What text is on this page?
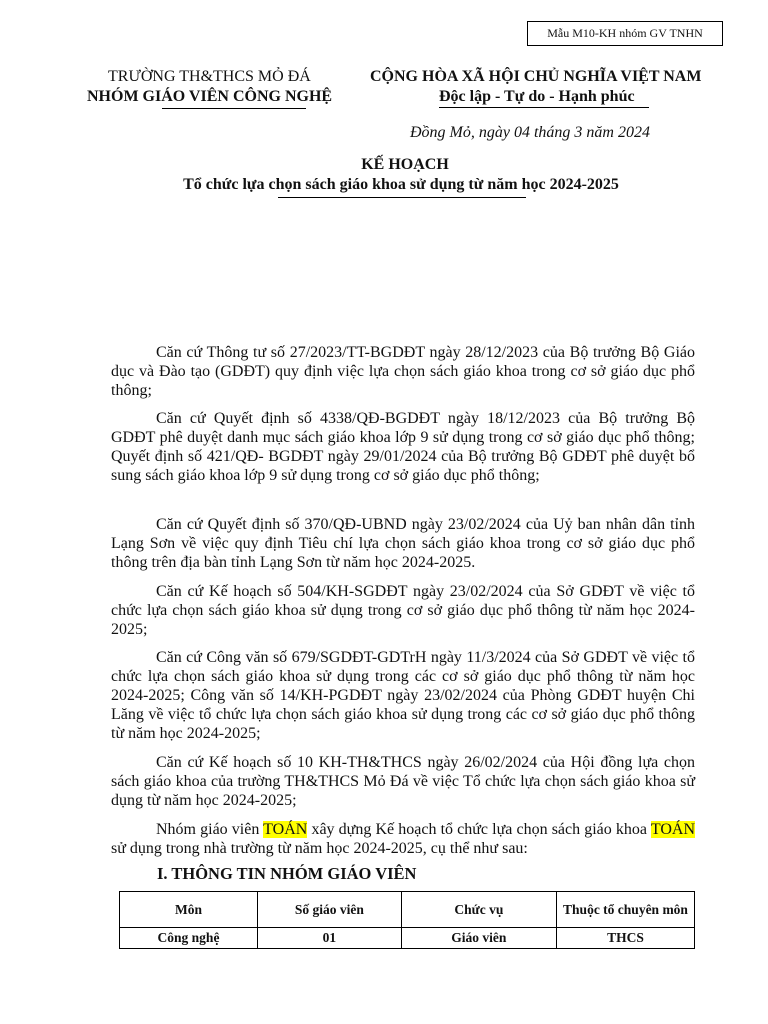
Mẫu M10-KH nhóm GV TNHN
TRƯỜNG TH&THCS MỎ ĐÁ
NHÓM GIÁO VIÊN CÔNG NGHỆ
CỘNG HÒA XÃ HỘI CHỦ NGHĨA VIỆT NAM
Độc lập - Tự do - Hạnh phúc
Đồng Mỏ, ngày 04 tháng 3 năm 2024
KẾ HOẠCH
Tổ chức lựa chọn sách giáo khoa sử dụng từ năm học 2024-2025
Căn cứ Thông tư số 27/2023/TT-BGDĐT ngày 28/12/2023 của Bộ trưởng Bộ Giáo dục và Đào tạo (GDĐT) quy định việc lựa chọn sách giáo khoa trong cơ sở giáo dục phổ thông;
Căn cứ Quyết định số 4338/QĐ-BGDĐT ngày 18/12/2023 của Bộ trưởng Bộ GDĐT phê duyệt danh mục sách giáo khoa lớp 9 sử dụng trong cơ sở giáo dục phổ thông; Quyết định số 421/QĐ- BGDĐT ngày 29/01/2024 của Bộ trưởng Bộ GDĐT phê duyệt bổ sung sách giáo khoa lớp 9 sử dụng trong cơ sở giáo dục phổ thông;
Căn cứ Quyết định số 370/QĐ-UBND ngày 23/02/2024 của Uỷ ban nhân dân tỉnh Lạng Sơn về việc quy định Tiêu chí lựa chọn sách giáo khoa trong cơ sở giáo dục phổ thông trên địa bàn tỉnh Lạng Sơn từ năm học 2024-2025.
Căn cứ Kế hoạch số 504/KH-SGDĐT ngày 23/02/2024 của Sở GDĐT về việc tổ chức lựa chọn sách giáo khoa sử dụng trong cơ sở giáo dục phổ thông từ năm học 2024-2025;
Căn cứ Công văn số 679/SGDĐT-GDTrH ngày 11/3/2024 của Sở GDĐT về việc tổ chức lựa chọn sách giáo khoa sử dụng trong các cơ sở giáo dục phổ thông từ năm học 2024-2025; Công văn số 14/KH-PGDĐT ngày 23/02/2024 của Phòng GDĐT huyện Chi Lăng về việc tổ chức lựa chọn sách giáo khoa sử dụng trong các cơ sở giáo dục phổ thông từ năm học 2024-2025;
Căn cứ Kế hoạch số 10 KH-TH&THCS ngày 26/02/2024 của Hội đồng lựa chọn sách giáo khoa của trường TH&THCS Mỏ Đá về việc Tổ chức lựa chọn sách giáo khoa sử dụng từ năm học 2024-2025;
Nhóm giáo viên TOÁN xây dựng Kế hoạch tổ chức lựa chọn sách giáo khoa TOÁN sử dụng trong nhà trường từ năm học 2024-2025, cụ thể như sau:
I. THÔNG TIN NHÓM GIÁO VIÊN
Môn	Số giáo viên	Chức vụ	Thuộc tổ chuyên môn
Công nghệ	01	Giáo viên	THCS
